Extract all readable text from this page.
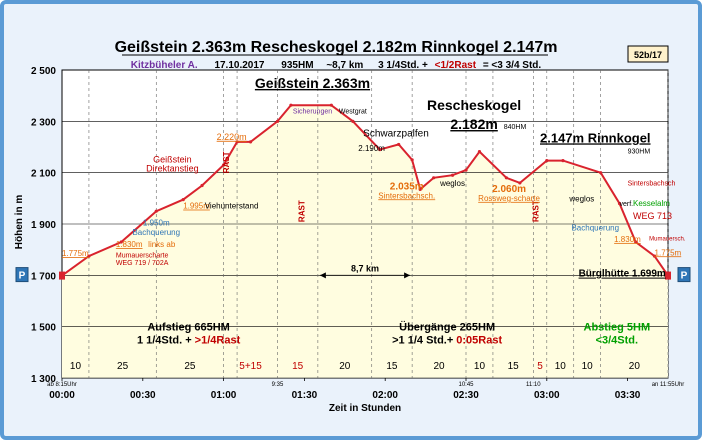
1 300
1 500
1 700
1 900
2 100
2 300
2 500
00:00	00:30	01:00	01:30	02:00	02:30	03:00	03:30
P	P
10	25	25	5+15	15	20	15	20	10 15 5 10 10	20
ab 8:15Uhr	9:35	10:45	11:10	an 11:55Uhr
RAST
RAST	RAST
8,7 km
Aufstieg 665HM
1 1/4Std. + >1/4Rast
Übergänge 265HM
>1 1/4 Std.+ 0:05Rast
Abstieg 5HM
<3/4Std.
Geißstein 2.363m
Rescheskogel
2.182m 840HM
2.147m Rinnkogel
930HM
Sicherungen Westgrat
Schwarzpalfen
2.190m
2.220m
Geißstein
Direktanstieg
2.035m
Sintersbachsch.
weglos
2.060m
Rossweg-scharte	weglos
Sintersbachsch
verf. Kesselalm
WEG 713
Bachquerung
1.830m Mumauersch.
1.775m
Bürglhütte 1.699m
1.995m
Viehunterstand
1.950m
Bachquerung
1.830m links ab
1.775m	Mumauerscharte
WEG 719 / 702A
Geißstein 2.363m Rescheskogel 2.182m Rinnkogel 2.147m
Kitzbüheler A. 17.10.2017 935HM ~8,7 km 3 1/4Std. + <1/2Rast = <3 3/4 Std.
52b/17
Höhen in m
Zeit in Stunden
